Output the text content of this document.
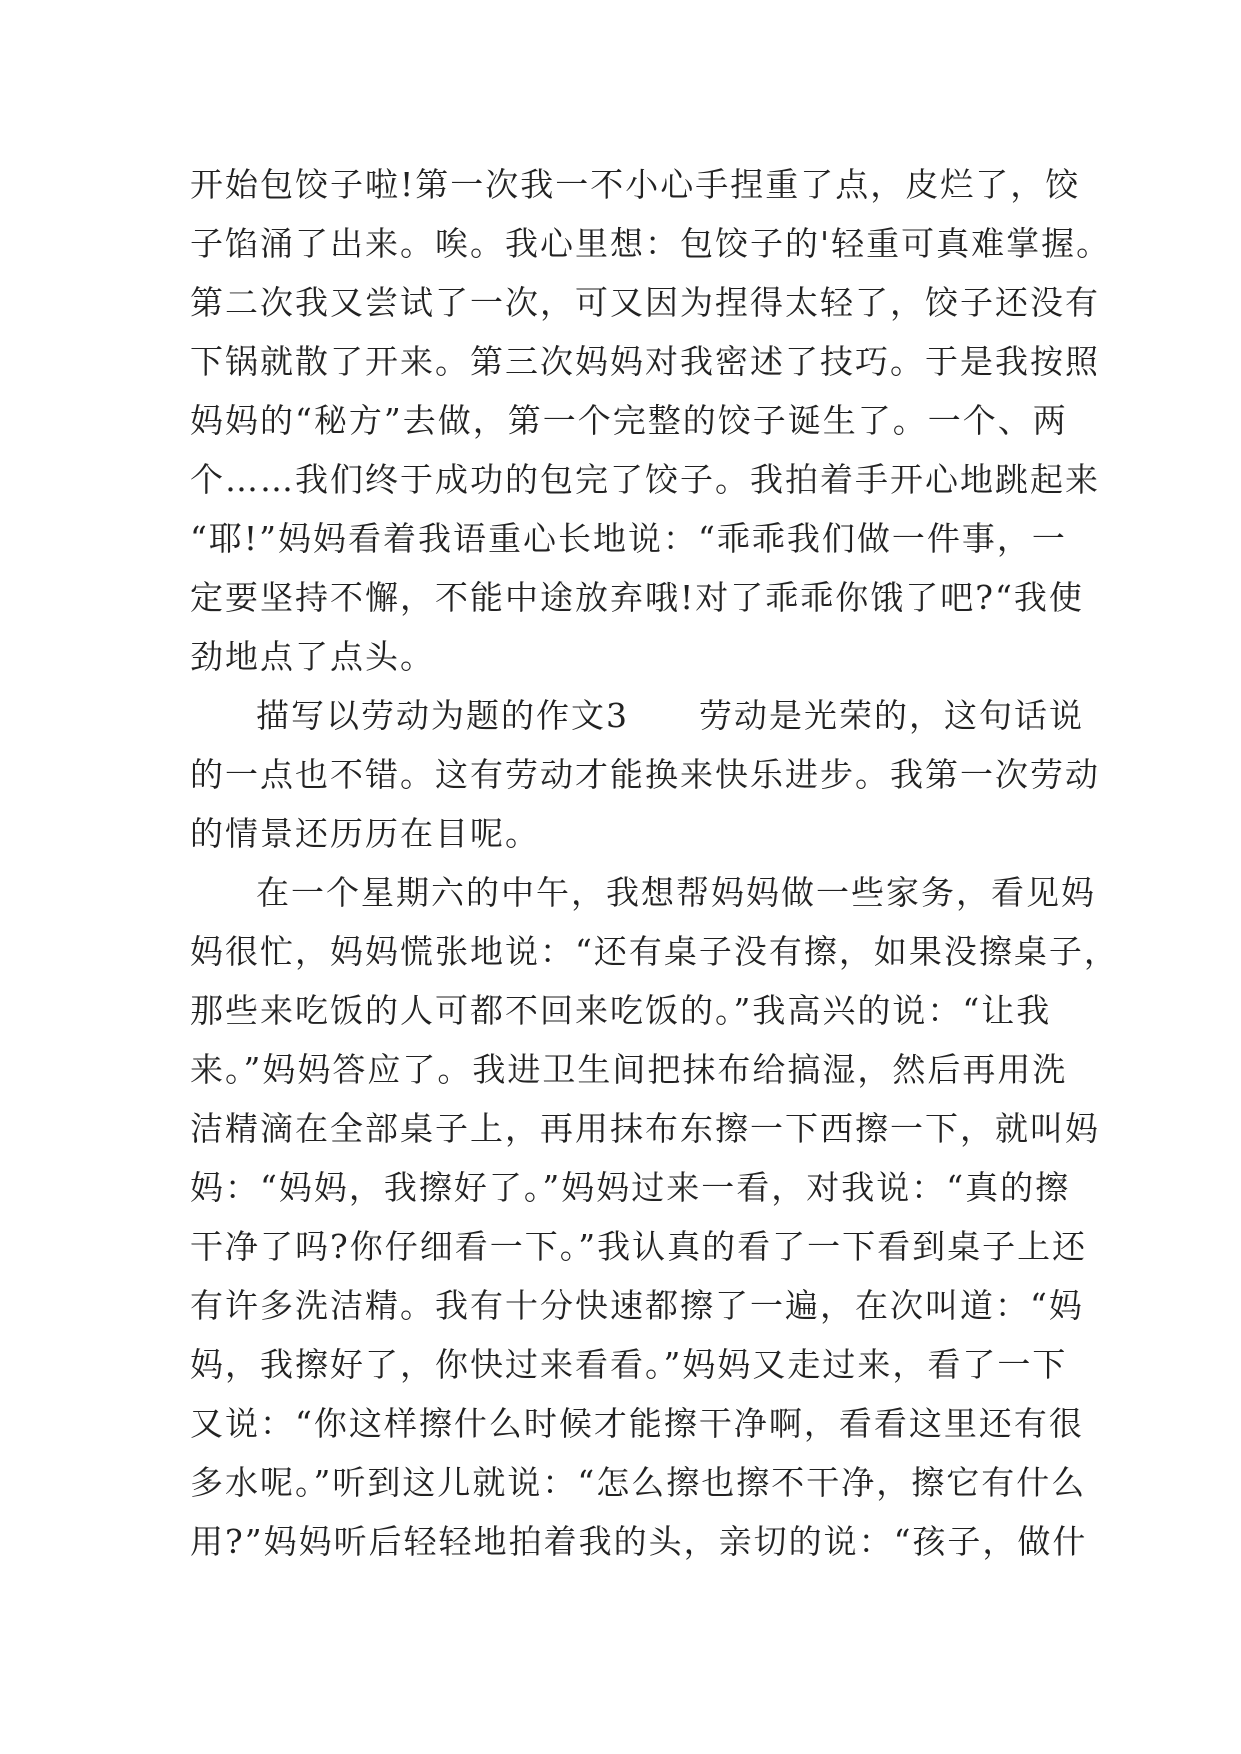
开始包饺子啦!第一次我一不小心手捏重了点，皮烂了，饺
子馅涌了出来。唉。我心里想：包饺子的'轻重可真难掌握。
第二次我又尝试了一次，可又因为捏得太轻了，饺子还没有
下锅就散了开来。第三次妈妈对我密述了技巧。于是我按照
妈妈的“秘方”去做，第一个完整的饺子诞生了。一个、两
个……我们终于成功的包完了饺子。我拍着手开心地跳起来
“耶!”妈妈看着我语重心长地说：“乖乖我们做一件事，一
定要坚持不懈，不能中途放弃哦!对了乖乖你饿了吧?“我使
劲地点了点头。
描写以劳动为题的作文3　　劳动是光荣的，这句话说
的一点也不错。这有劳动才能换来快乐进步。我第一次劳动
的情景还历历在目呢。
在一个星期六的中午，我想帮妈妈做一些家务，看见妈
妈很忙，妈妈慌张地说：“还有桌子没有擦，如果没擦桌子，
那些来吃饭的人可都不回来吃饭的。”我高兴的说：“让我
来。”妈妈答应了。我进卫生间把抹布给搞湿，然后再用洗
洁精滴在全部桌子上，再用抹布东擦一下西擦一下，就叫妈
妈：“妈妈，我擦好了。”妈妈过来一看，对我说：“真的擦
干净了吗?你仔细看一下。”我认真的看了一下看到桌子上还
有许多洗洁精。我有十分快速都擦了一遍，在次叫道：“妈
妈，我擦好了，你快过来看看。”妈妈又走过来，看了一下
又说：“你这样擦什么时候才能擦干净啊，看看这里还有很
多水呢。”听到这儿就说：“怎么擦也擦不干净，擦它有什么
用?”妈妈听后轻轻地拍着我的头，亲切的说：“孩子，做什
